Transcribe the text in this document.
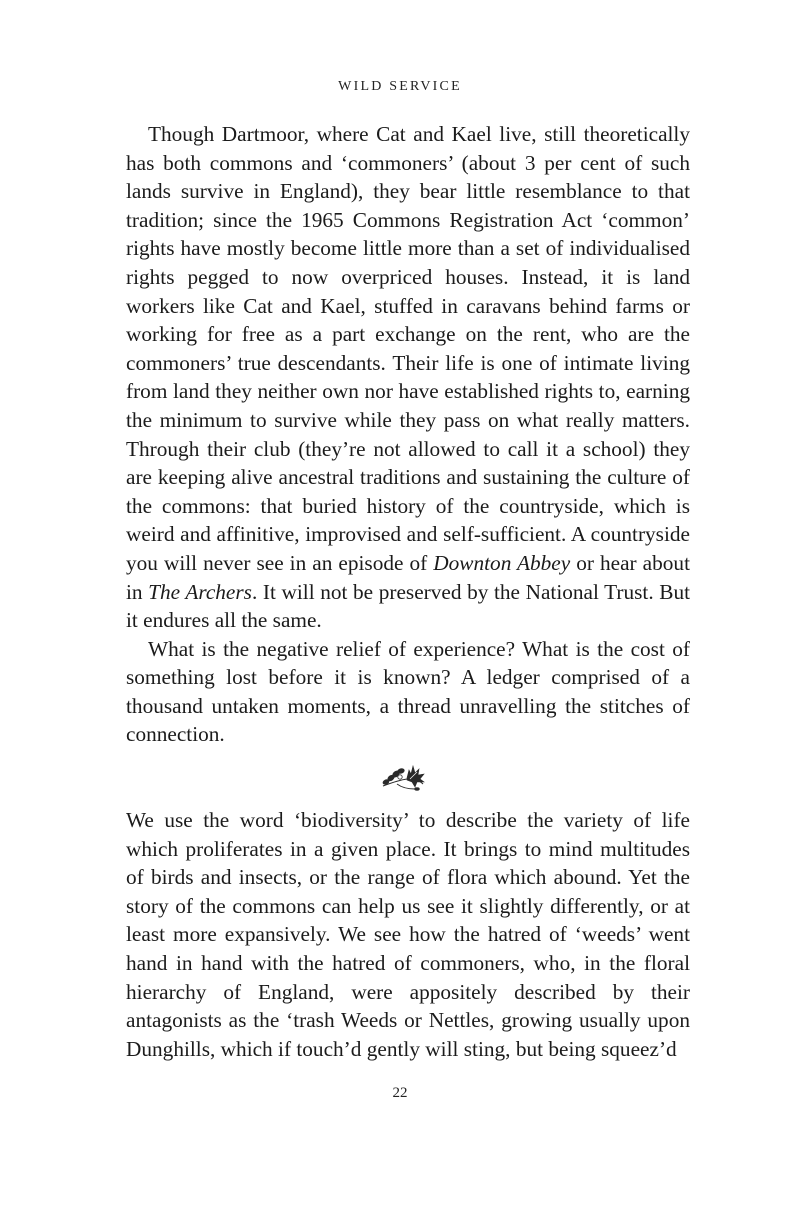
WILD SERVICE

Though Dartmoor, where Cat and Kael live, still theoretically has both commons and ‘commoners’ (about 3 per cent of such lands survive in England), they bear little resemblance to that tradition; since the 1965 Commons Registration Act ‘common’ rights have mostly become little more than a set of individualised rights pegged to now overpriced houses. Instead, it is land workers like Cat and Kael, stuffed in caravans behind farms or working for free as a part exchange on the rent, who are the commoners’ true descendants. Their life is one of intimate living from land they neither own nor have established rights to, earning the minimum to survive while they pass on what really matters. Through their club (they’re not allowed to call it a school) they are keeping alive ancestral traditions and sustaining the culture of the commons: that buried history of the countryside, which is weird and affinitive, improvised and self-sufficient. A countryside you will never see in an episode of Downton Abbey or hear about in The Archers. It will not be preserved by the National Trust. But it endures all the same.

What is the negative relief of experience? What is the cost of something lost before it is known? A ledger comprised of a thousand untaken moments, a thread unravelling the stitches of connection.

We use the word ‘biodiversity’ to describe the variety of life which proliferates in a given place. It brings to mind multitudes of birds and insects, or the range of flora which abound. Yet the story of the commons can help us see it slightly differently, or at least more expansively. We see how the hatred of ‘weeds’ went hand in hand with the hatred of commoners, who, in the floral hierarchy of England, were appositely described by their antagonists as the ‘trash Weeds or Nettles, growing usually upon Dunghills, which if touch’d gently will sting, but being squeez’d

22
